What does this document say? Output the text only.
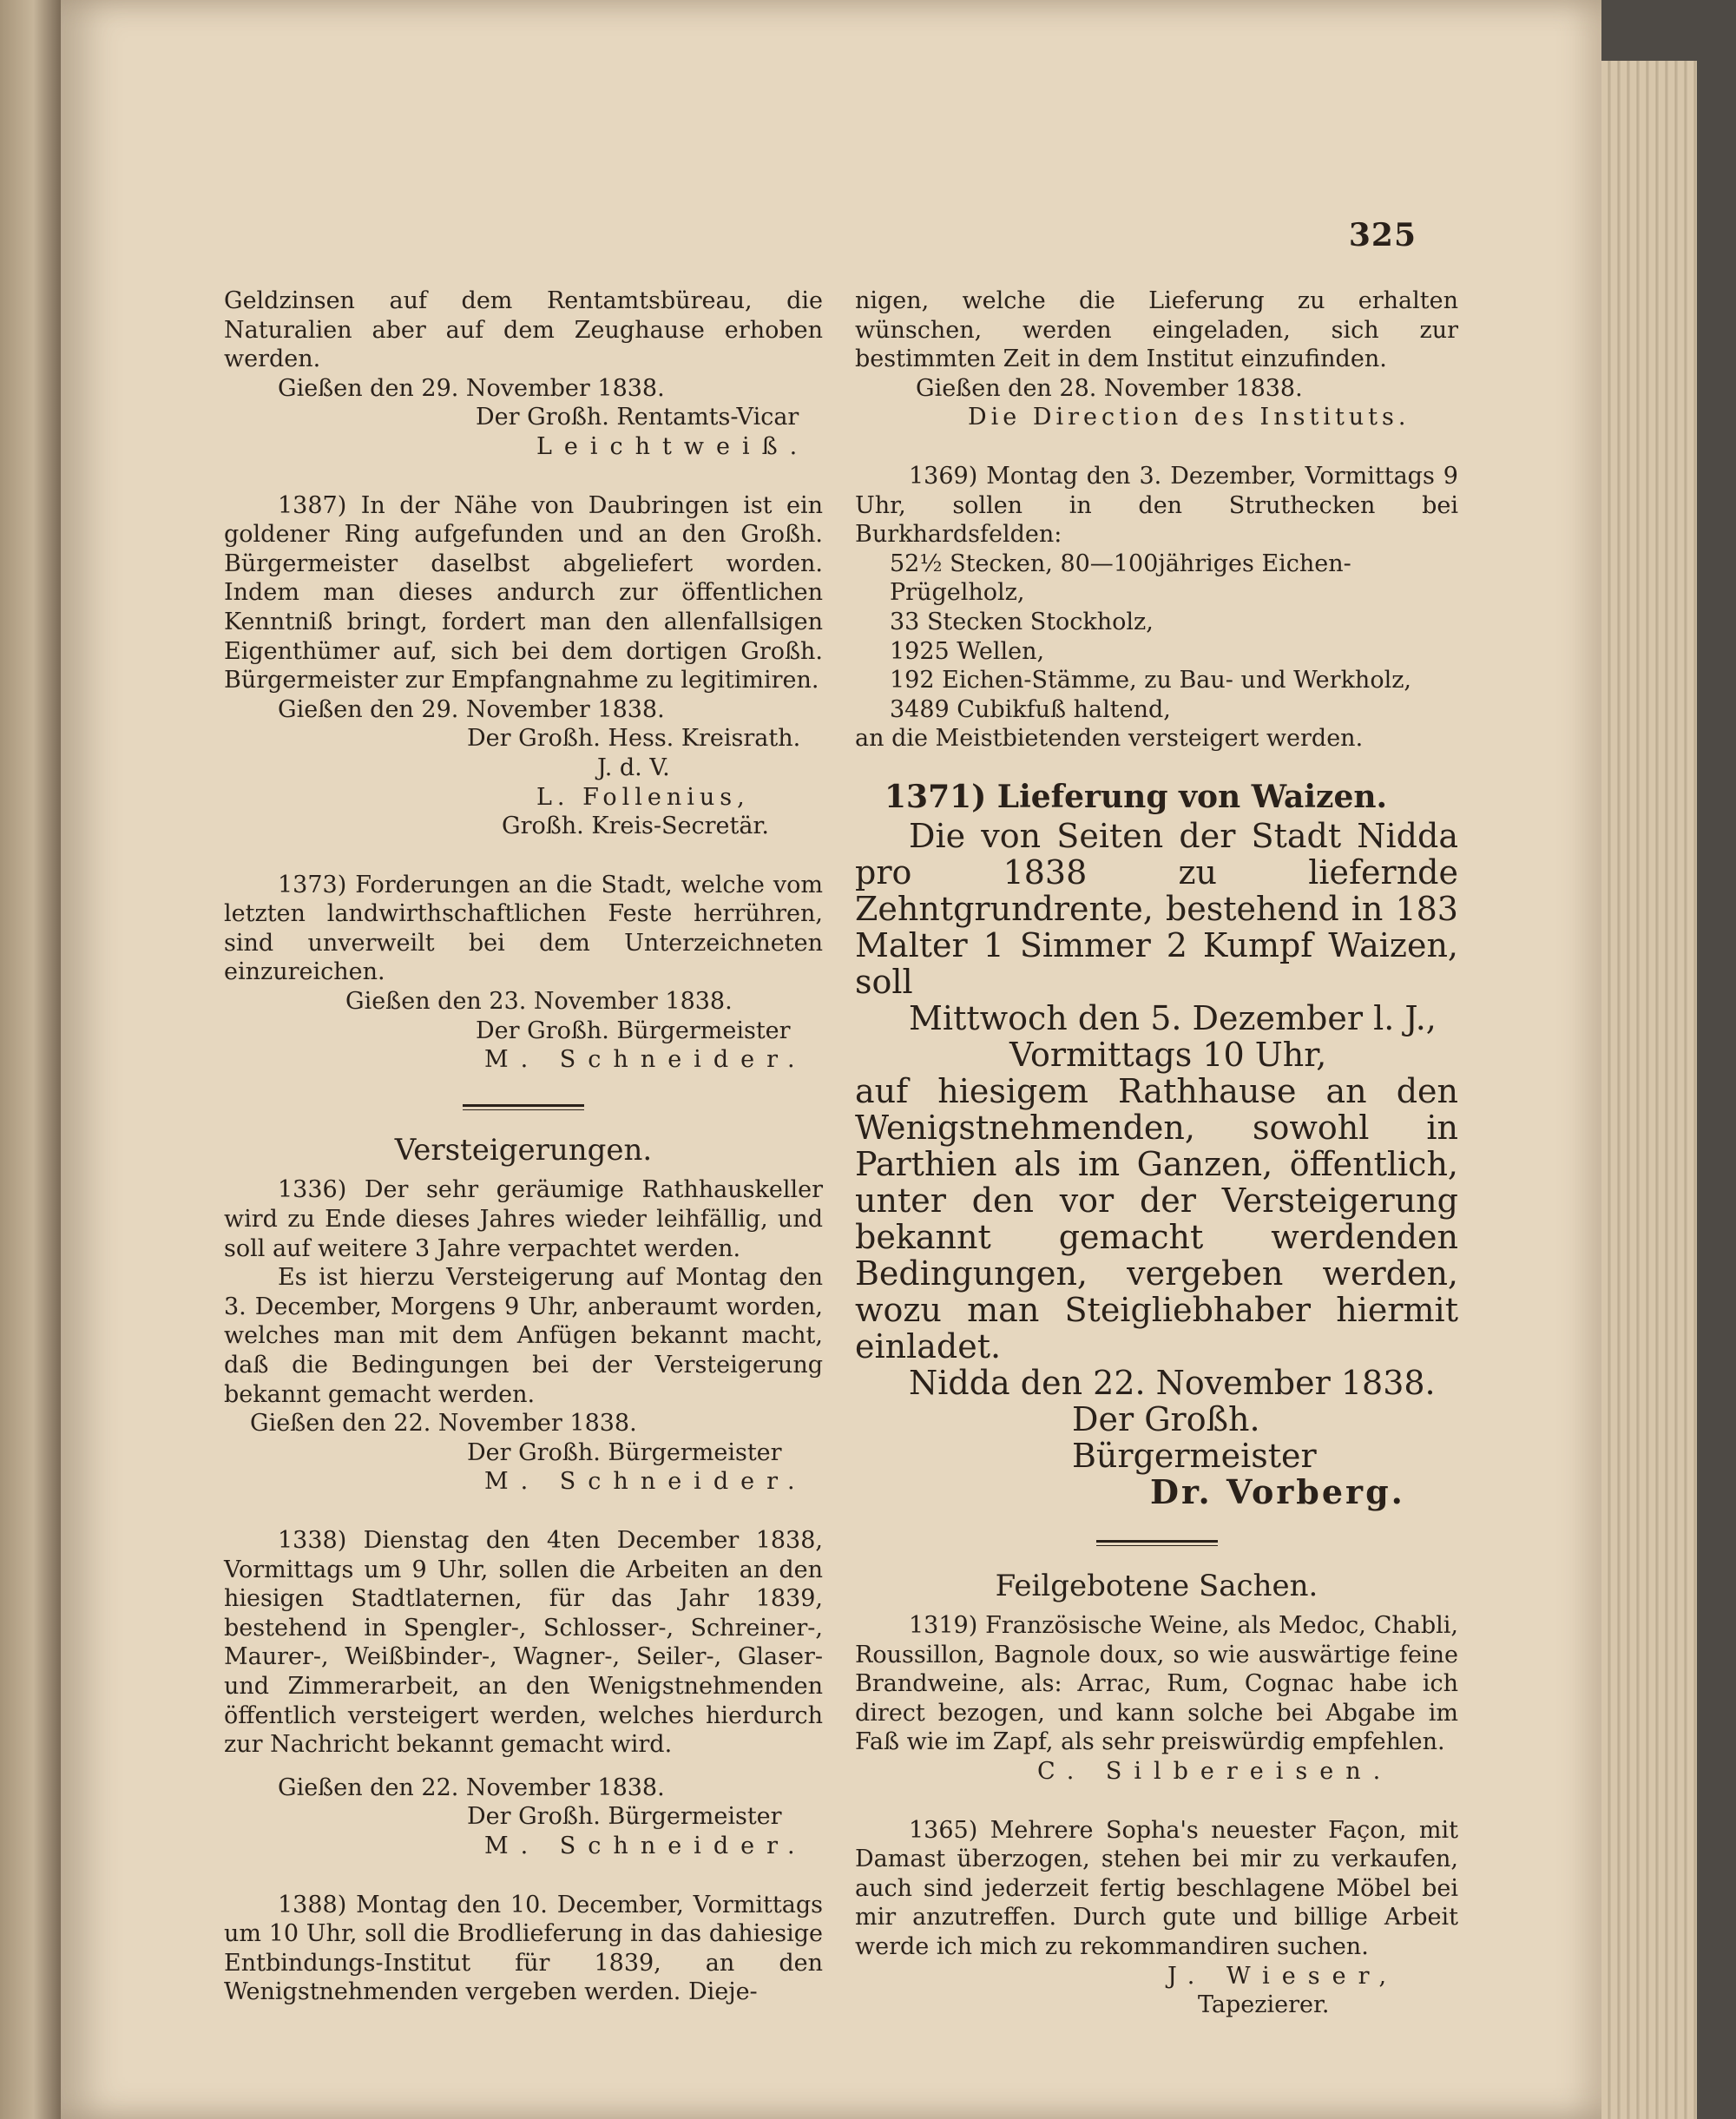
325

Geldzinsen auf dem Rentamtsbüreau, die Naturalien aber auf dem Zeughause erhoben werden.

Gießen den 29. November 1838.

Der Großh. Rentamts-Vicar

Leichtweiß.

1387) In der Nähe von Daubringen ist ein goldener Ring aufgefunden und an den Großh. Bürgermeister daselbst abgeliefert worden. Indem man dieses andurch zur öffentlichen Kenntniß bringt, fordert man den allenfallsigen Eigenthümer auf, sich bei dem dortigen Großh. Bürgermeister zur Empfangnahme zu legitimiren.

Gießen den 29. November 1838.

Der Großh. Hess. Kreisrath.

J. d. V.

L. Follenius,

Großh. Kreis-Secretär.

1373) Forderungen an die Stadt, welche vom letzten landwirthschaftlichen Feste herrühren, sind unverweilt bei dem Unterzeichneten einzureichen.

Gießen den 23. November 1838.

Der Großh. Bürgermeister

M. Schneider.

Versteigerungen.

1336) Der sehr geräumige Rathhauskeller wird zu Ende dieses Jahres wieder leihfällig, und soll auf weitere 3 Jahre verpachtet werden.

Es ist hierzu Versteigerung auf Montag den 3. December, Morgens 9 Uhr, anberaumt worden, welches man mit dem Anfügen bekannt macht, daß die Bedingungen bei der Versteigerung bekannt gemacht werden.

Gießen den 22. November 1838.

Der Großh. Bürgermeister

M. Schneider.

1338) Dienstag den 4ten December 1838, Vormittags um 9 Uhr, sollen die Arbeiten an den hiesigen Stadtlaternen, für das Jahr 1839, bestehend in Spengler-, Schlosser-, Schreiner-, Maurer-, Weißbinder-, Wagner-, Seiler-, Glaser- und Zimmerarbeit, an den Wenigstnehmenden öffentlich versteigert werden, welches hierdurch zur Nachricht bekannt gemacht wird.

Gießen den 22. November 1838.

Der Großh. Bürgermeister

M. Schneider.

1388) Montag den 10. December, Vormittags um 10 Uhr, soll die Brodlieferung in das dahiesige Entbindungs-Institut für 1839, an den Wenigstnehmenden vergeben werden. Dieje-

nigen, welche die Lieferung zu erhalten wünschen, werden eingeladen, sich zur bestimmten Zeit in dem Institut einzufinden.

Gießen den 28. November 1838.

Die Direction des Instituts.

1369) Montag den 3. Dezember, Vormittags 9 Uhr, sollen in den Struthecken bei Burkhardsfelden:

52½ Stecken, 80—100jähriges Eichen-Prügelholz,
33 Stecken Stockholz,
1925 Wellen,
192 Eichen-Stämme, zu Bau- und Werkholz, 3489 Cubikfuß haltend,

an die Meistbietenden versteigert werden.

1371) Lieferung von Waizen.

Die von Seiten der Stadt Nidda pro 1838 zu liefernde Zehntgrundrente, bestehend in 183 Malter 1 Simmer 2 Kumpf Waizen, soll

Mittwoch den 5. Dezember l. J.,

Vormittags 10 Uhr,

auf hiesigem Rathhause an den Wenigstnehmenden, sowohl in Parthien als im Ganzen, öffentlich, unter den vor der Versteigerung bekannt gemacht werdenden Bedingungen, vergeben werden, wozu man Steigliebhaber hiermit einladet.

Nidda den 22. November 1838.

Der Großh. Bürgermeister

Dr. Vorberg.

Feilgebotene Sachen.

1319) Französische Weine, als Medoc, Chabli, Roussillon, Bagnole doux, so wie auswärtige feine Brandweine, als: Arrac, Rum, Cognac habe ich direct bezogen, und kann solche bei Abgabe im Faß wie im Zapf, als sehr preiswürdig empfehlen.

C. Silbereisen.

1365) Mehrere Sopha's neuester Façon, mit Damast überzogen, stehen bei mir zu verkaufen, auch sind jederzeit fertig beschlagene Möbel bei mir anzutreffen. Durch gute und billige Arbeit werde ich mich zu rekommandiren suchen.

J. Wieser,

Tapezierer.
